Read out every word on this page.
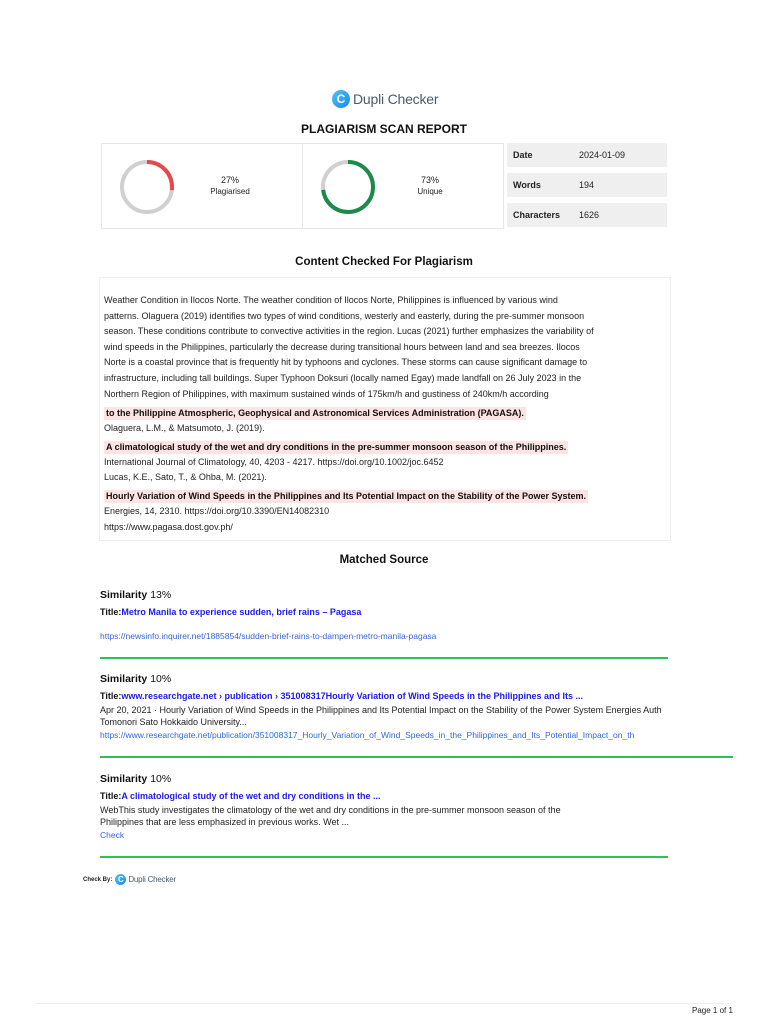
C Dupli Checker
PLAGIARISM SCAN REPORT
27%
Plagiarised
73%
Unique
Date	2024-01-09
Words	194
Characters	1626
Content Checked For Plagiarism

Weather Condition in Ilocos Norte. The weather condition of Ilocos Norte, Philippines is influenced by various wind

patterns. Olaguera (2019) identifies two types of wind conditions, westerly and easterly, during the pre-summer monsoon

season. These conditions contribute to convective activities in the region. Lucas (2021) further emphasizes the variability of

wind speeds in the Philippines, particularly the decrease during transitional hours between land and sea breezes. Ilocos

Norte is a coastal province that is frequently hit by typhoons and cyclones. These storms can cause significant damage to

infrastructure, including tall buildings. Super Typhoon Doksuri (locally named Egay) made landfall on 26 July 2023 in the

Northern Region of Philippines, with maximum sustained winds of 175km/h and gustiness of 240km/h according

to the Philippine Atmospheric, Geophysical and Astronomical Services Administration (PAGASA).
Olaguera, L.M., & Matsumoto, J. (2019).
A climatological study of the wet and dry conditions in the pre-summer monsoon season of the Philippines.
International Journal of Climatology, 40, 4203 - 4217. https://doi.org/10.1002/joc.6452
Lucas, K.E., Sato, T., & Ohba, M. (2021).
Hourly Variation of Wind Speeds in the Philippines and Its Potential Impact on the Stability of the Power System.
Energies, 14, 2310. https://doi.org/10.3390/EN14082310
https://www.pagasa.dost.gov.ph/
Matched Source
Similarity 13%
Title:Metro Manila to experience sudden, brief rains – Pagasa
https://newsinfo.inquirer.net/1885854/sudden-brief-rains-to-dampen-metro-manila-pagasa
Similarity 10%
Title:www.researchgate.net › publication › 351008317Hourly Variation of Wind Speeds in the Philippines and Its ...
Apr 20, 2021 · Hourly Variation of Wind Speeds in the Philippines and Its Potential Impact on the Stability of the Power System Energies Auth
Tomonori Sato Hokkaido University...
https://www.researchgate.net/publication/351008317_Hourly_Variation_of_Wind_Speeds_in_the_Philippines_and_Its_Potential_Impact_on_th
Similarity 10%
Title:A climatological study of the wet and dry conditions in the ...
WebThis study investigates the climatology of the wet and dry conditions in the pre-summer monsoon season of the
Philippines that are less emphasized in previous works. Wet ...
Check
Check By: C Dupli Checker
Page 1 of 1
